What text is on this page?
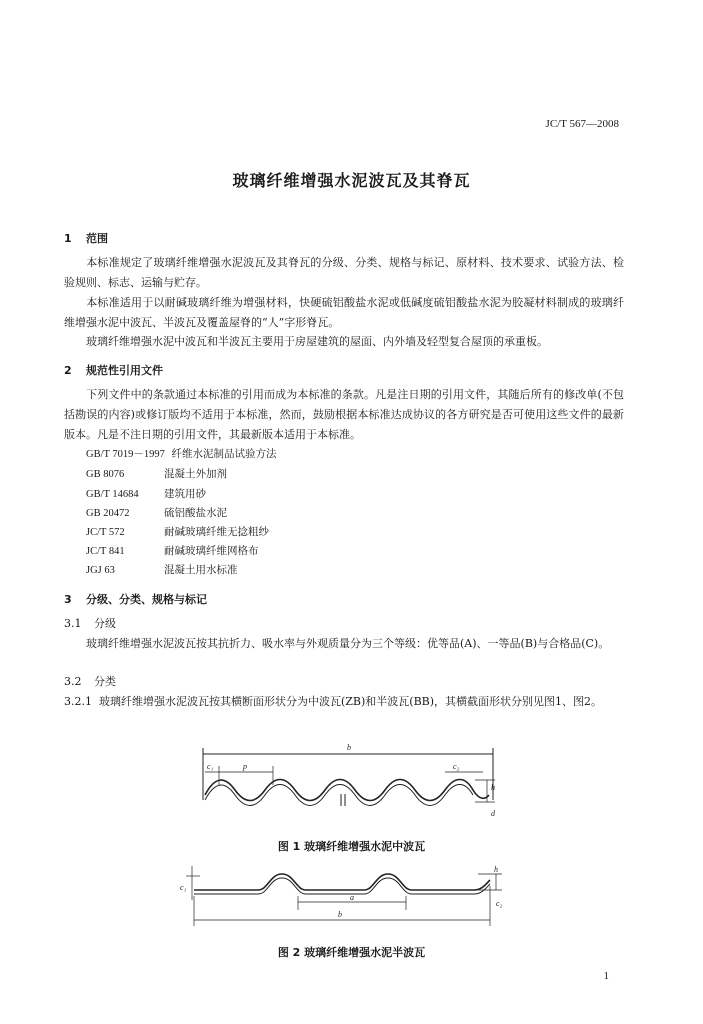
JC/T 567—2008
玻璃纤维增强水泥波瓦及其脊瓦
1 范围
本标准规定了玻璃纤维增强水泥波瓦及其脊瓦的分级、分类、规格与标记、原材料、技术要求、试验方法、检验规则、标志、运输与贮存。
本标准适用于以耐碱玻璃纤维为增强材料，快硬硫铝酸盐水泥或低碱度硫铝酸盐水泥为胶凝材料制成的玻璃纤维增强水泥中波瓦、半波瓦及覆盖屋脊的“人”字形脊瓦。
玻璃纤维增强水泥中波瓦和半波瓦主要用于房屋建筑的屋面、内外墙及轻型复合屋顶的承重板。
2 规范性引用文件
下列文件中的条款通过本标准的引用而成为本标准的条款。凡是注日期的引用文件，其随后所有的修改单(不包括勘误的内容)或修订版均不适用于本标准，然而，鼓励根据本标准达成协议的各方研究是否可使用这些文件的最新版本。凡是不注日期的引用文件，其最新版本适用于本标准。
GB/T 7019－1997 纤维水泥制品试验方法
GB 8076	混凝土外加剂
GB/T 14684 建筑用砂
GB 20472	硫铝酸盐水泥
JC/T 572	耐碱玻璃纤维无捻粗纱
JC/T 841	耐碱玻璃纤维网格布
JGJ 63	混凝土用水标准
3 分级、分类、规格与标记
3.1 分级
玻璃纤维增强水泥波瓦按其抗折力、吸水率与外观质量分为三个等级：优等品(A)、一等品(B)与合格品(C)。
3.2 分类
3.2.1 玻璃纤维增强水泥波瓦按其横断面形状分为中波瓦(ZB)和半波瓦(BB)，其横截面形状分别见图1、图2。
b
c₁	p	c₂
h
d
图 1 玻璃纤维增强水泥中波瓦
c₁
a
b
h
c₂
图 2 玻璃纤维增强水泥半波瓦
1
